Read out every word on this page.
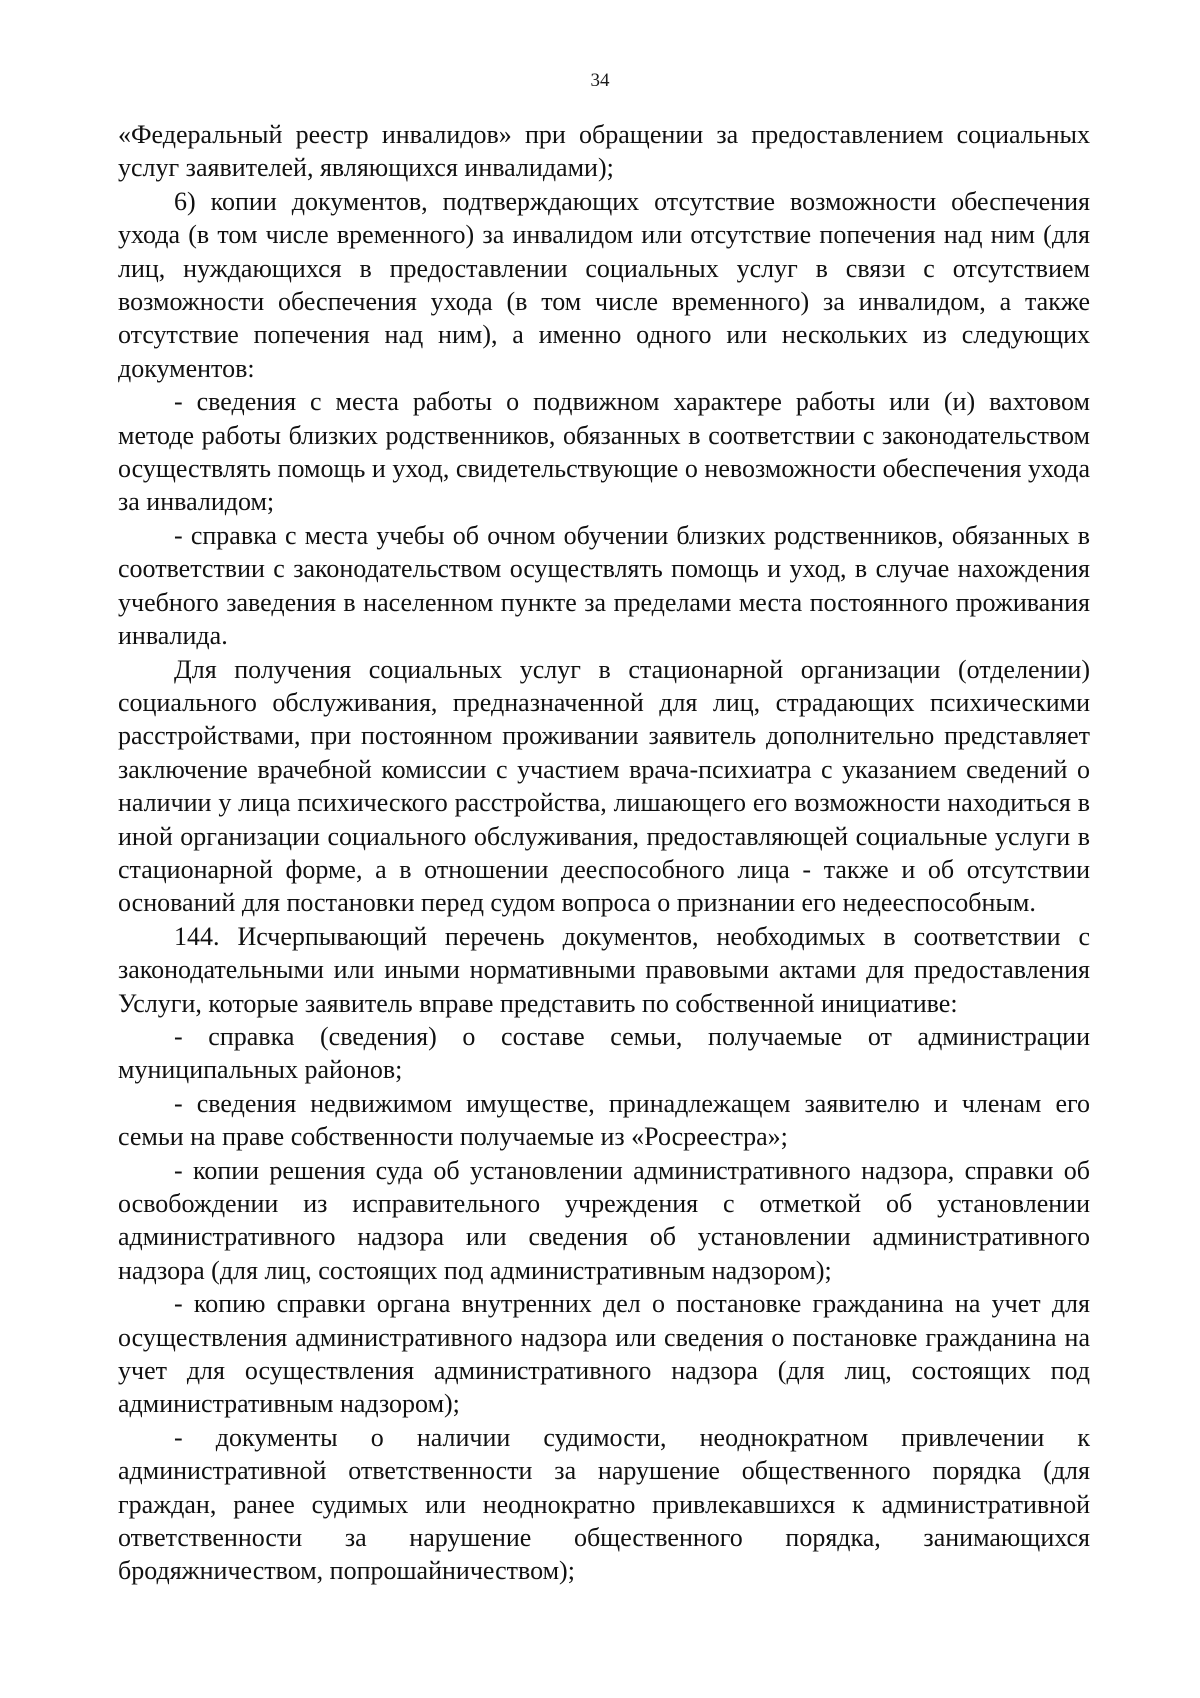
34

«Федеральный реестр инвалидов» при обращении за предоставлением социальных услуг заявителей, являющихся инвалидами);

6) копии документов, подтверждающих отсутствие возможности обеспечения ухода (в том числе временного) за инвалидом или отсутствие попечения над ним (для лиц, нуждающихся в предоставлении социальных услуг в связи с отсутствием возможности обеспечения ухода (в том числе временного) за инвалидом, а также отсутствие попечения над ним), а именно одного или нескольких из следующих документов:

- сведения с места работы о подвижном характере работы или (и) вахтовом методе работы близких родственников, обязанных в соответствии с законодательством осуществлять помощь и уход, свидетельствующие о невозможности обеспечения ухода за инвалидом;

- справка с места учебы об очном обучении близких родственников, обязанных в соответствии с законодательством осуществлять помощь и уход, в случае нахождения учебного заведения в населенном пункте за пределами места постоянного проживания инвалида.

Для получения социальных услуг в стационарной организации (отделении) социального обслуживания, предназначенной для лиц, страдающих психическими расстройствами, при постоянном проживании заявитель дополнительно представляет заключение врачебной комиссии с участием врача-психиатра с указанием сведений о наличии у лица психического расстройства, лишающего его возможности находиться в иной организации социального обслуживания, предоставляющей социальные услуги в стационарной форме, а в отношении дееспособного лица - также и об отсутствии оснований для постановки перед судом вопроса о признании его недееспособным.

144. Исчерпывающий перечень документов, необходимых в соответствии с законодательными или иными нормативными правовыми актами для предоставления Услуги, которые заявитель вправе представить по собственной инициативе:

- справка (сведения) о составе семьи, получаемые от администрации муниципальных районов;

- сведения недвижимом имуществе, принадлежащем заявителю и членам его семьи на праве собственности получаемые из «Росреестра»;

- копии решения суда об установлении административного надзора, справки об освобождении из исправительного учреждения с отметкой об установлении административного надзора или сведения об установлении административного надзора (для лиц, состоящих под административным надзором);

- копию справки органа внутренних дел о постановке гражданина на учет для осуществления административного надзора или сведения о постановке гражданина на учет для осуществления административного надзора (для лиц, состоящих под административным надзором);

- документы о наличии судимости, неоднократном привлечении к административной ответственности за нарушение общественного порядка (для граждан, ранее судимых или неоднократно привлекавшихся к административной ответственности за нарушение общественного порядка, занимающихся бродяжничеством, попрошайничеством);
